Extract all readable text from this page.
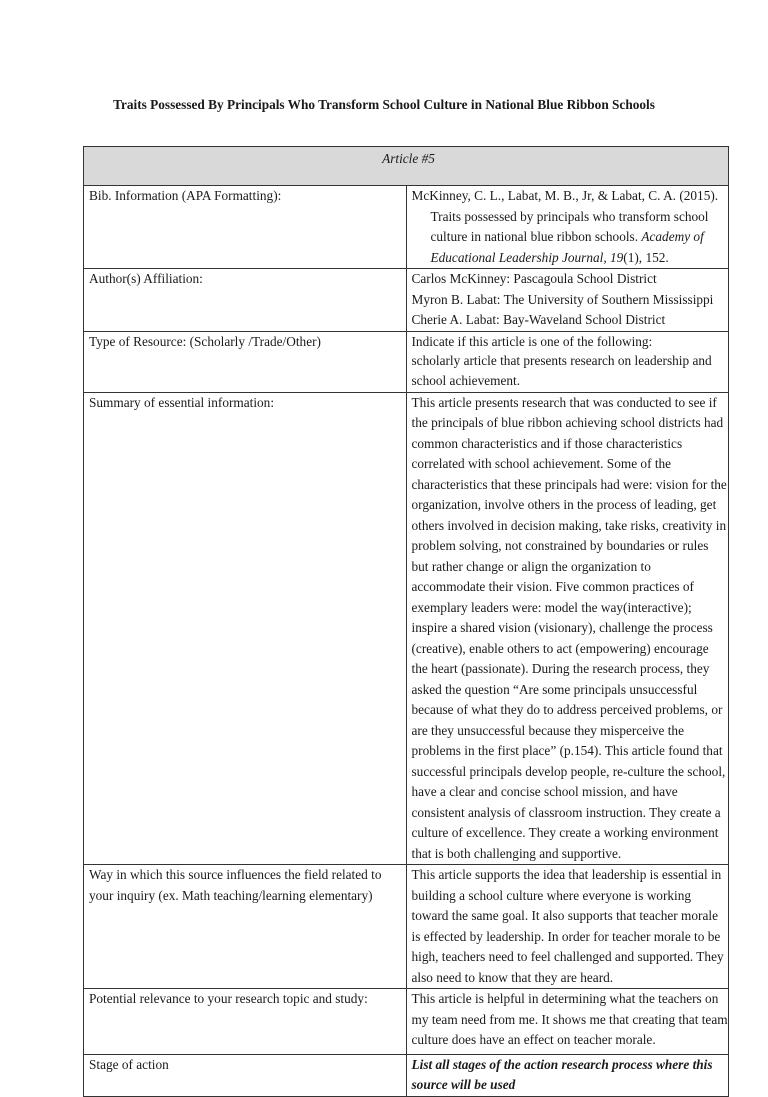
Traits Possessed By Principals Who Transform School Culture in National Blue Ribbon Schools
Article #5	
Bib. Information (APA Formatting):	McKinney, C. L., Labat, M. B., Jr, & Labat, C. A. (2015). Traits possessed by principals who transform school culture in national blue ribbon schools. Academy of Educational Leadership Journal, 19(1), 152.

Author(s) Affiliation:	Carlos McKinney: Pascagoula School District
Myron B. Labat: The University of Southern Mississippi
Cherie A. Labat: Bay-Waveland School District

Type of Resource: (Scholarly /Trade/Other)	Indicate if this article is one of the following:
scholarly article that presents research on leadership and school achievement.

Summary of essential information:	This article presents research that was conducted to see if the principals of blue ribbon achieving school districts had common characteristics and if those characteristics correlated with school achievement. Some of the characteristics that these principals had were: vision for the organization, involve others in the process of leading, get others involved in decision making, take risks, creativity in problem solving, not constrained by boundaries or rules but rather change or align the organization to accommodate their vision. Five common practices of exemplary leaders were: model the way(interactive); inspire a shared vision (visionary), challenge the process (creative), enable others to act (empowering) encourage the heart (passionate). During the research process, they asked the question “Are some principals unsuccessful because of what they do to address perceived problems, or are they unsuccessful because they misperceive the problems in the first place” (p.154). This article found that successful principals develop people, re-culture the school, have a clear and concise school mission, and have consistent analysis of classroom instruction. They create a culture of excellence. They create a working environment that is both challenging and supportive.
Way in which this source influences the field related to your inquiry (ex. Math teaching/learning elementary)	This article supports the idea that leadership is essential in building a school culture where everyone is working toward the same goal. It also supports that teacher morale is effected by leadership. In order for teacher morale to be high, teachers need to feel challenged and supported. They also need to know that they are heard.
Potential relevance to your research topic and study:	This article is helpful in determining what the teachers on my team need from me. It shows me that creating that team culture does have an effect on teacher morale.
Stage of action	List all stages of the action research process where this source will be used
